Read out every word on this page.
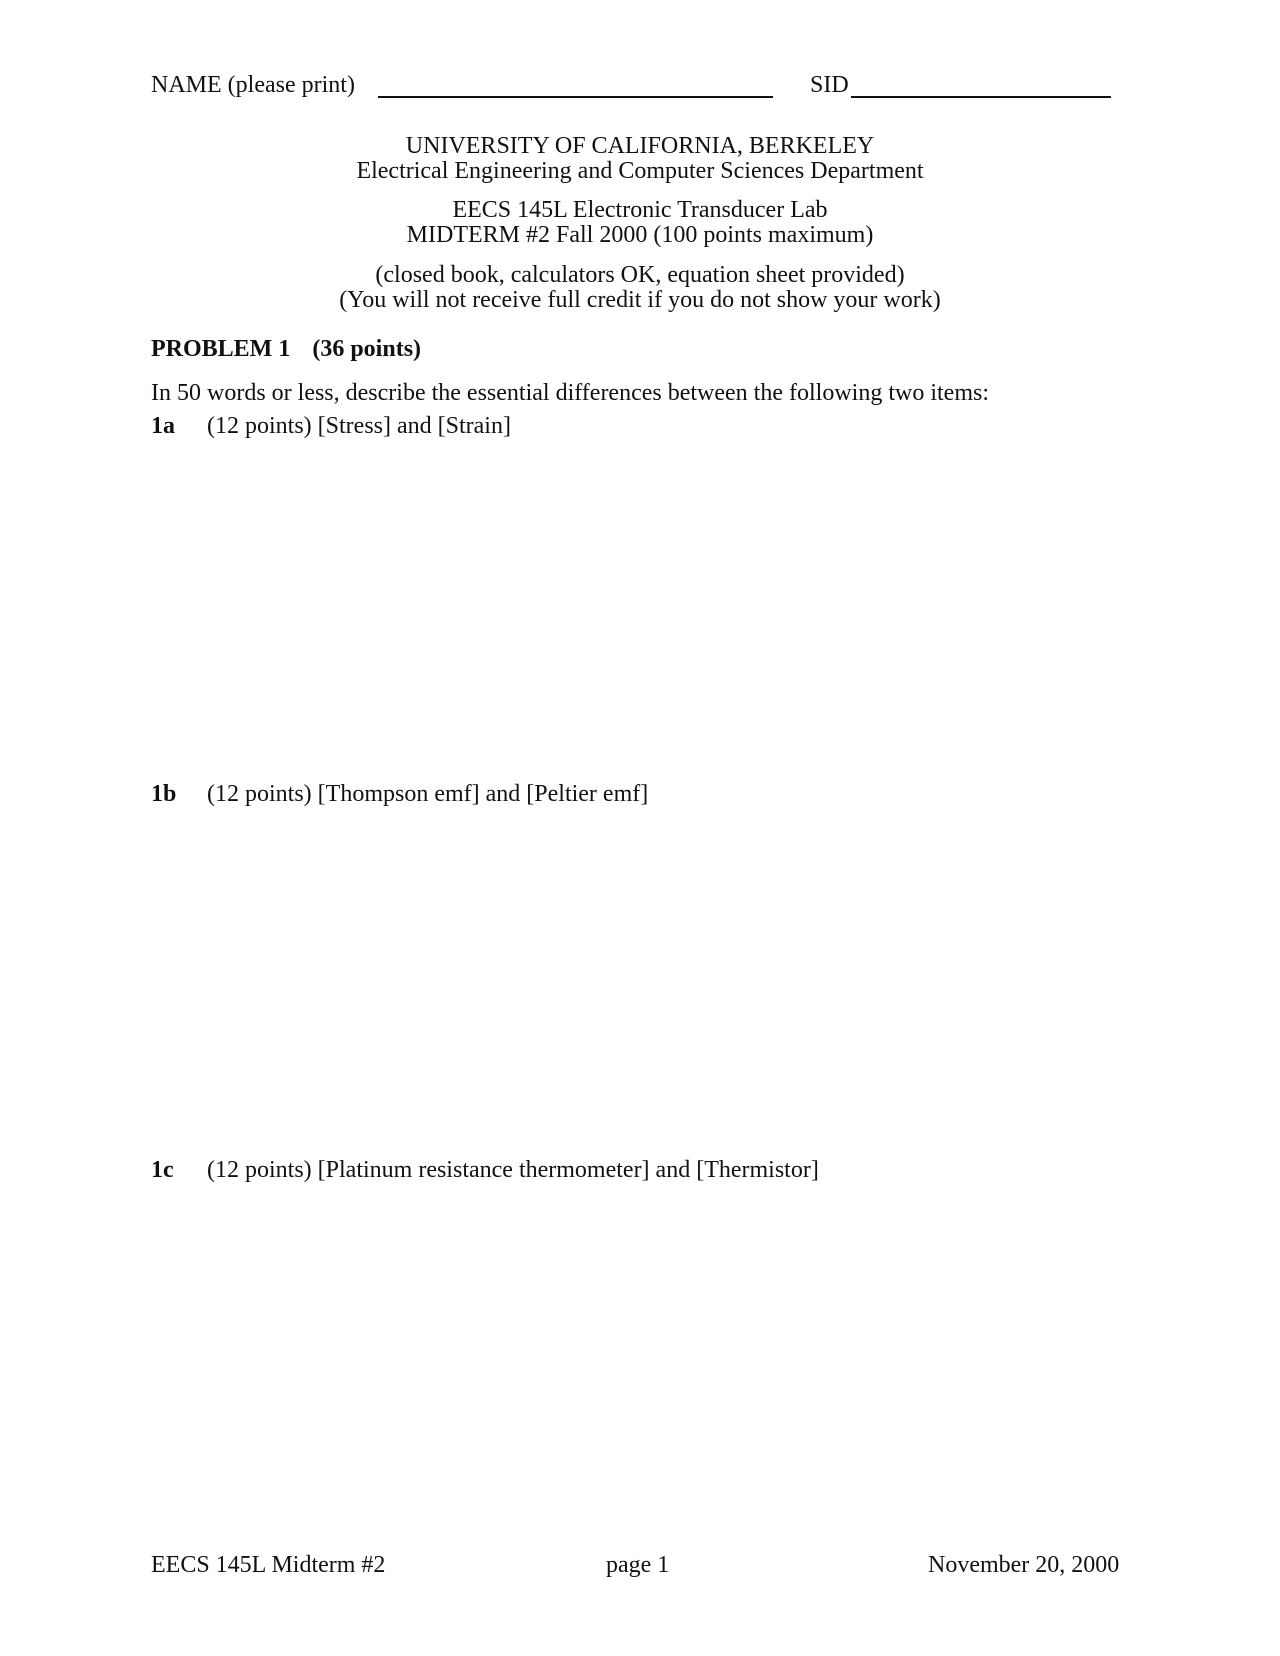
NAME (please print)	SID
UNIVERSITY OF CALIFORNIA, BERKELEY
Electrical Engineering and Computer Sciences Department
EECS 145L Electronic Transducer Lab
MIDTERM #2 Fall 2000 (100 points maximum)
(closed book, calculators OK, equation sheet provided)
(You will not receive full credit if you do not show your work)
PROBLEM 1 (36 points)
In 50 words or less, describe the essential differences between the following two items:
1a (12 points) [Stress] and [Strain]
1b (12 points) [Thompson emf] and [Peltier emf]
1c (12 points) [Platinum resistance thermometer] and [Thermistor]
EECS 145L Midterm #2	page 1	November 20, 2000
